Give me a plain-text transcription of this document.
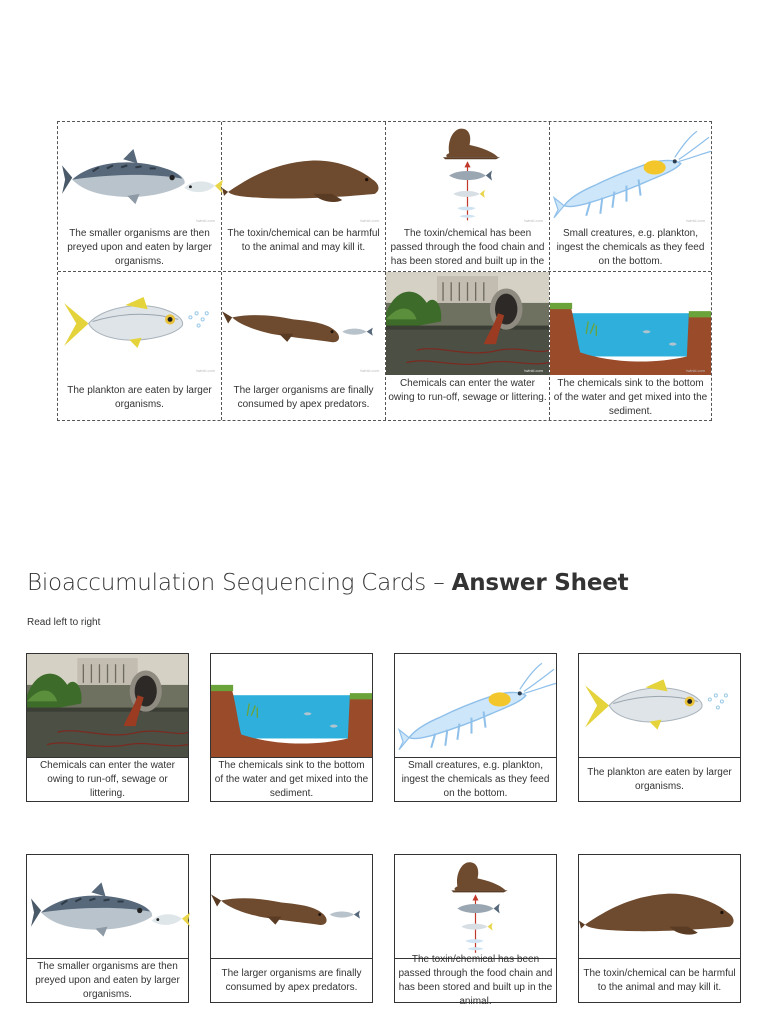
twinkl.com
The smaller organisms are then preyed upon and eaten by larger organisms.
twinkl.com
The toxin/chemical can be harmful to the animal and may kill it.
twinkl.com
The toxin/chemical has been passed through the food chain and has been stored and built up in the
twinkl.com
Small creatures, e.g. plankton, ingest the chemicals as they feed on the bottom.
twinkl.com
The plankton are eaten by larger organisms.
twinkl.com
The larger organisms are finally consumed by apex predators.
twinkl.com
Chemicals can enter the water owing to run-off, sewage or littering.
twinkl.com
The chemicals sink to the bottom of the water and get mixed into the sediment.
Bioaccumulation Sequencing Cards – Answer Sheet
Read left to right
Chemicals can enter the water owing to run-off, sewage or littering.
The chemicals sink to the bottom of the water and get mixed into the sediment.
Small creatures, e.g. plankton, ingest the chemicals as they feed on the bottom.
The plankton are eaten by larger organisms.
The smaller organisms are then preyed upon and eaten by larger organisms.
The larger organisms are finally consumed by apex predators.
The toxin/chemical has been passed through the food chain and has been stored and built up in the animal.
The toxin/chemical can be harmful to the animal and may kill it.
